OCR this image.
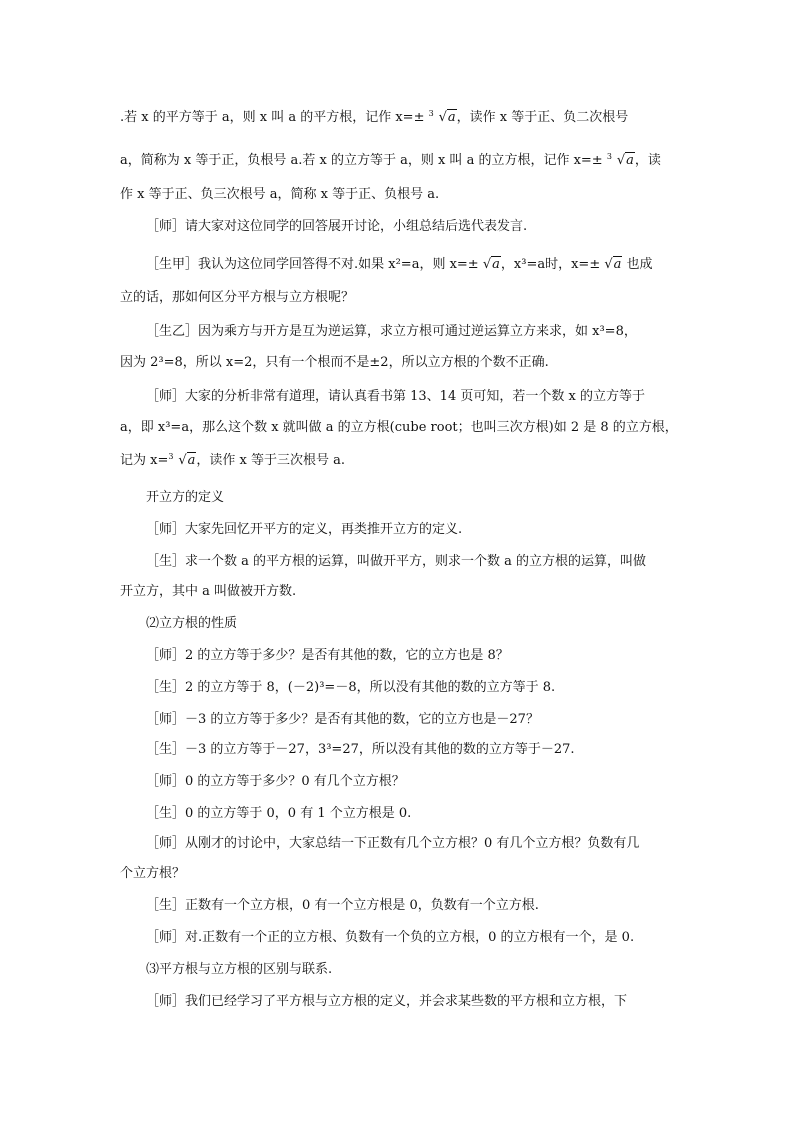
.若 x 的平方等于 a，则 x 叫 a 的平方根，记作 x=± 3 √a，读作 x 等于正、负二次根号
a，简称为 x 等于正，负根号 a.若 x 的立方等于 a，则 x 叫 a 的立方根，记作 x=± 3 √a，读
作 x 等于正、负三次根号 a，简称 x 等于正、负根号 a.
［师］请大家对这位同学的回答展开讨论，小组总结后选代表发言.
［生甲］我认为这位同学回答得不对.如果 x²=a，则 x=± √a，x³=a时，x=± √a 也成
立的话，那如何区分平方根与立方根呢？
［生乙］因为乘方与开方是互为逆运算，求立方根可通过逆运算立方来求，如 x³=8，
因为 2³=8，所以 x=2，只有一个根而不是±2，所以立方根的个数不正确.
［师］大家的分析非常有道理，请认真看书第 13、14 页可知，若一个数 x 的立方等于
a，即 x³=a，那么这个数 x 就叫做 a 的立方根(cube root；也叫三次方根)如 2 是 8 的立方根，
记为 x= 3 √a，读作 x 等于三次根号 a.
开立方的定义
［师］大家先回忆开平方的定义，再类推开立方的定义.
［生］求一个数 a 的平方根的运算，叫做开平方，则求一个数 a 的立方根的运算，叫做
开立方，其中 a 叫做被开方数.
⑵立方根的性质
［师］2 的立方等于多少？是否有其他的数，它的立方也是 8？
［生］2 的立方等于 8，(－2)³=－8，所以没有其他的数的立方等于 8.
［师］－3 的立方等于多少？是否有其他的数，它的立方也是－27？
［生］－3 的立方等于－27，3³=27，所以没有其他的数的立方等于－27.
［师］0 的立方等于多少？0 有几个立方根？
［生］0 的立方等于 0，0 有 1 个立方根是 0.
［师］从刚才的讨论中，大家总结一下正数有几个立方根？0 有几个立方根？负数有几
个立方根？
［生］正数有一个立方根，0 有一个立方根是 0，负数有一个立方根.
［师］对.正数有一个正的立方根、负数有一个负的立方根，0 的立方根有一个，是 0.
⑶平方根与立方根的区别与联系.
［师］我们已经学习了平方根与立方根的定义，并会求某些数的平方根和立方根，下
